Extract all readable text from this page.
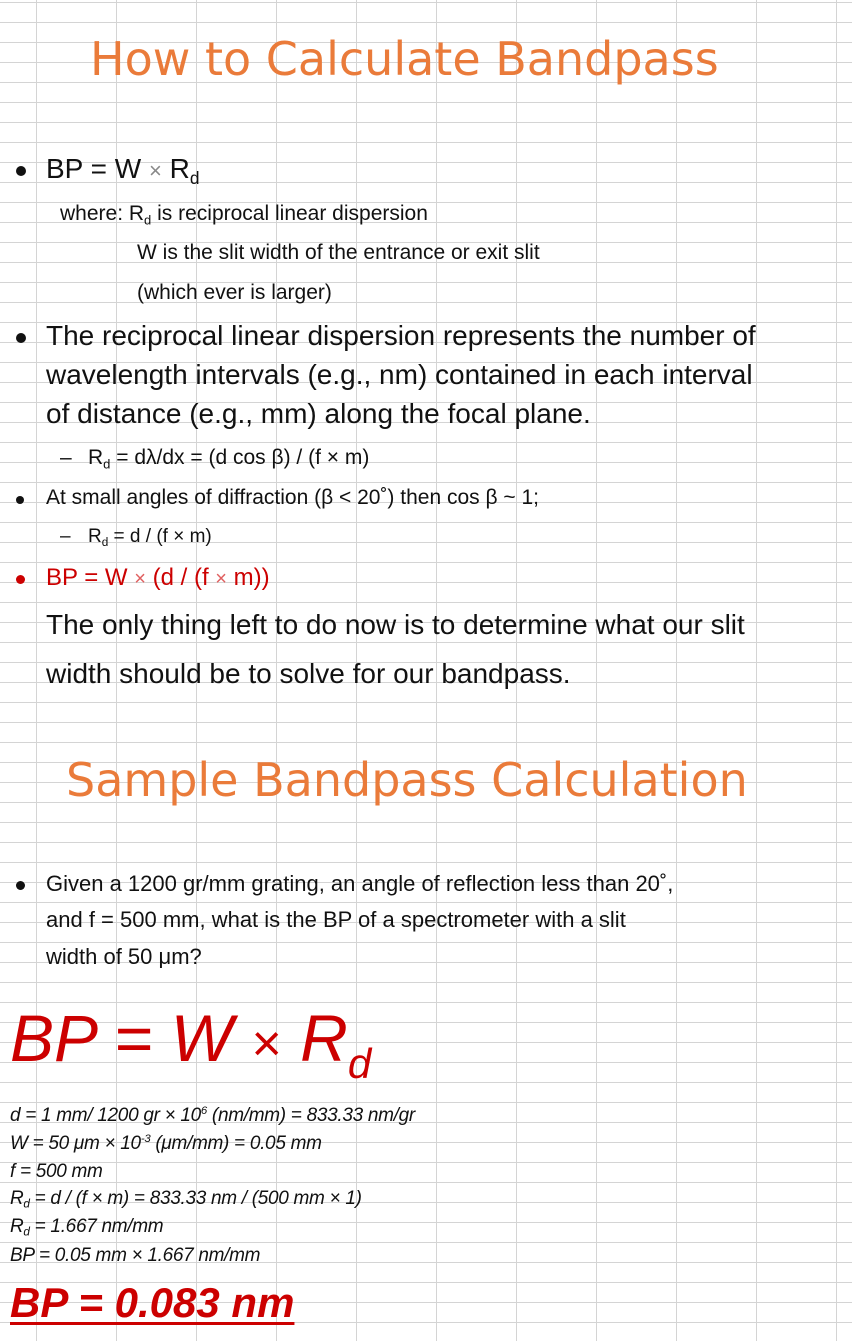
How to Calculate Bandpass
BP = $W \times R_d$
where: $R_d$ is reciprocal linear dispersion
W is the slit width of the entrance or exit slit
(which ever is larger)
The reciprocal linear dispersion represents the number of
wavelength intervals (e.g., nm) contained in each interval
of distance (e.g., mm) along the focal plane.
– $R_d = d\lambda/dx = (d$ cos β) / (f × m)
At small angles of diffraction (β < 20˚) then cos β ~ 1;
– $R_d = d / (f \times m)$
BP = W × (d / (f × m))
The only thing left to do now is to determine what our slit
width should be to solve for our bandpass.
Sample Bandpass Calculation
Given a 1200 gr/mm grating, an angle of reflection less than 20˚,
and f = 500 mm, what is the BP of a spectrometer with a slit
width of 50 μm?
BP = $W \times R_d$
d = 1 mm/ 1200 gr × $10^6$ (nm/mm) = 833.33 nm/gr
W = 50 $\mu m \times 10^{-3}$ (μm/mm) = 0.05 mm
f = 500 mm
$R_d = d / (f \times m) = 833.33$ nm / (500 mm × 1)
$R_d = 1.667$ nm/mm
BP = 0.05 mm × 1.667 nm/mm
BP = 0.083 nm
